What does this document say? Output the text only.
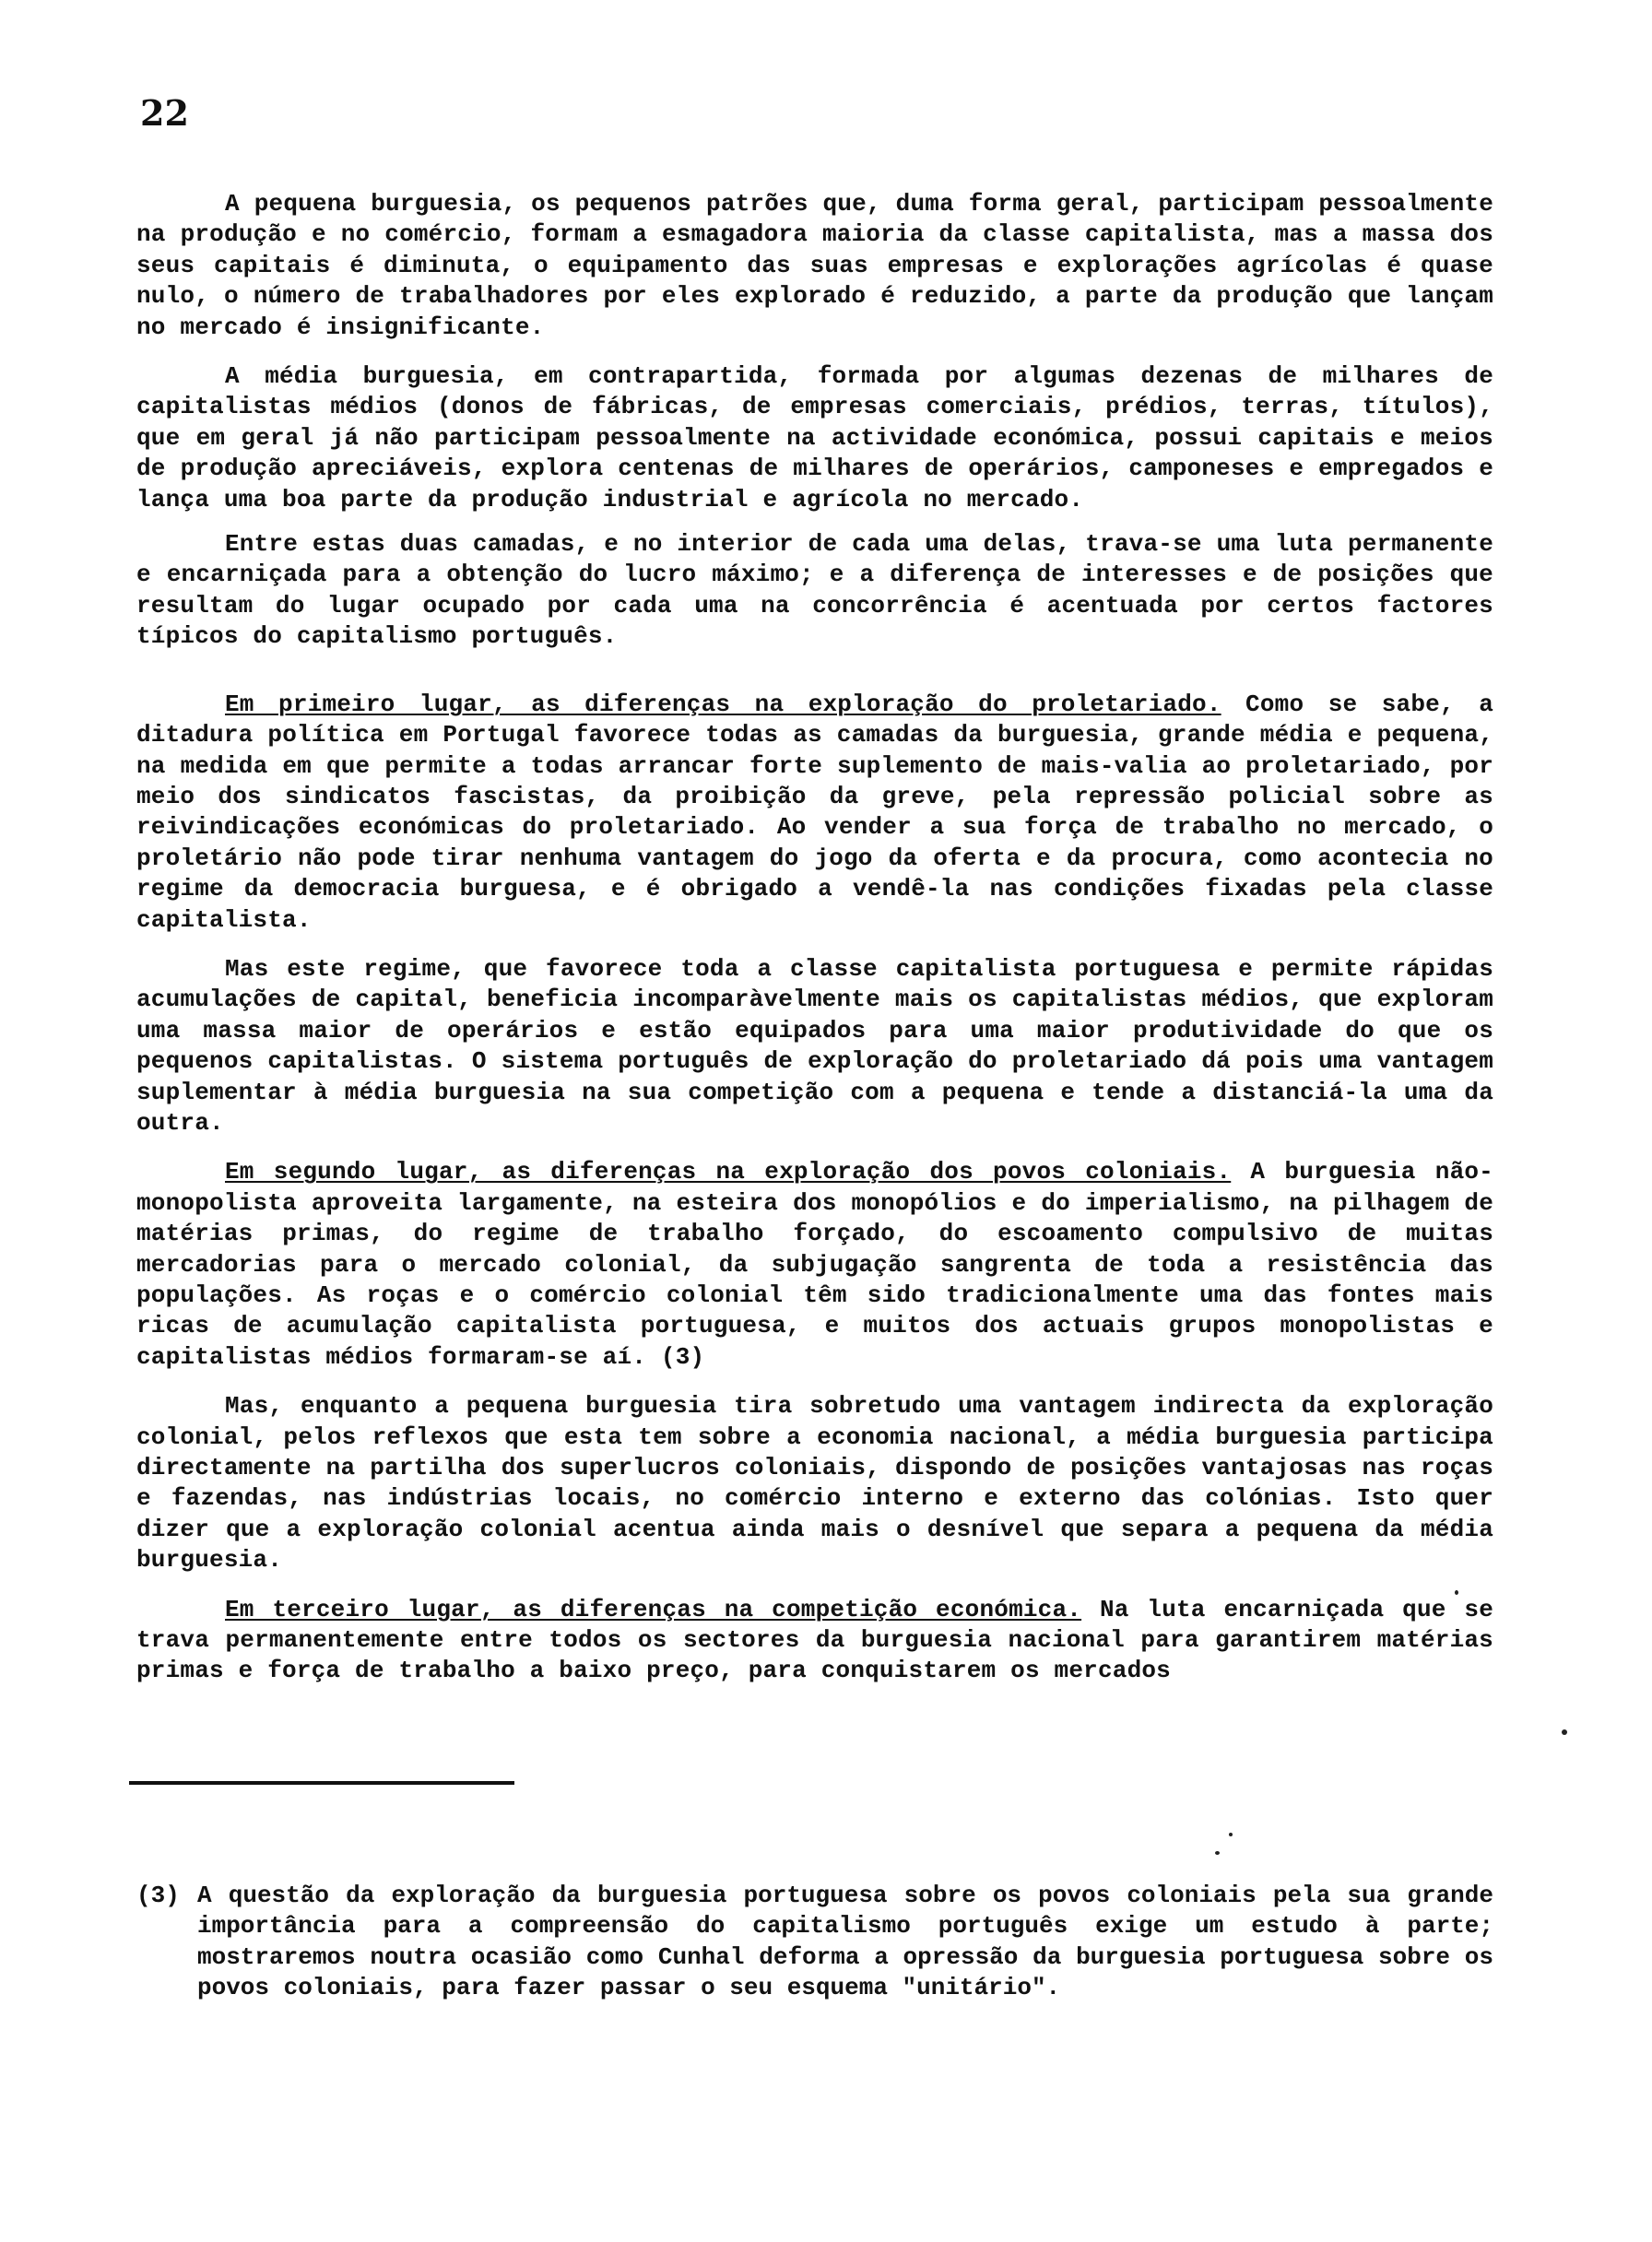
22

A pequena burguesia, os pequenos patrões que, duma forma geral, participam pessoalmente na produção e no comércio, formam a esmagadora maioria da classe capitalista, mas a massa dos seus capitais é diminuta, o equipamento das suas empresas e explorações agrícolas é quase nulo, o número de trabalhadores por eles explorado é reduzido, a parte da produção que lançam no mercado é insignificante.

A média burguesia, em contrapartida, formada por algumas dezenas de milhares de capitalistas médios (donos de fábricas, de empresas comerciais, prédios, terras, títulos), que em geral já não participam pessoalmente na actividade económica, possui capitais e meios de produção apreciáveis, explora centenas de milhares de operários, camponeses e empregados e lança uma boa parte da produção industrial e agrícola no mercado.

Entre estas duas camadas, e no interior de cada uma delas, trava-se uma luta permanente e encarniçada para a obtenção do lucro máximo; e a diferença de interesses e de posições que resultam do lugar ocupado por cada uma na concorrência é acentuada por certos factores típicos do capitalismo português.

Em primeiro lugar, as diferenças na exploração do proletariado. Como se sabe, a ditadura política em Portugal favorece todas as camadas da burguesia, grande média e pequena, na medida em que permite a todas arrancar forte suplemento de mais-valia ao proletariado, por meio dos sindicatos fascistas, da proibição da greve, pela repressão policial sobre as reivindicações económicas do proletariado. Ao vender a sua força de trabalho no mercado, o proletário não pode tirar nenhuma vantagem do jogo da oferta e da procura, como acontecia no regime da democracia burguesa, e é obrigado a vendê-la nas condições fixadas pela classe capitalista.

Mas este regime, que favorece toda a classe capitalista portuguesa e permite rápidas acumulações de capital, beneficia incomparàvelmente mais os capitalistas médios, que exploram uma massa maior de operários e estão equipados para uma maior produtividade do que os pequenos capitalistas. O sistema português de exploração do proletariado dá pois uma vantagem suplementar à média burguesia na sua competição com a pequena e tende a distanciá-la uma da outra.

Em segundo lugar, as diferenças na exploração dos povos coloniais. A burguesia não-monopolista aproveita largamente, na esteira dos monopólios e do imperialismo, na pilhagem de matérias primas, do regime de trabalho forçado, do escoamento compulsivo de muitas mercadorias para o mercado colonial, da subjugação sangrenta de toda a resistência das populações. As roças e o comércio colonial têm sido tradicionalmente uma das fontes mais ricas de acumulação capitalista portuguesa, e muitos dos actuais grupos monopolistas e capitalistas médios formaram-se aí. (3)

Mas, enquanto a pequena burguesia tira sobretudo uma vantagem indirecta da exploração colonial, pelos reflexos que esta tem sobre a economia nacional, a média burguesia participa directamente na partilha dos superlucros coloniais, dispondo de posições vantajosas nas roças e fazendas, nas indústrias locais, no comércio interno e externo das colónias. Isto quer dizer que a exploração colonial acentua ainda mais o desnível que separa a pequena da média burguesia.

Em terceiro lugar, as diferenças na competição económica. Na luta encarniçada que se trava permanentemente entre todos os sectores da burguesia nacional para garantirem matérias primas e força de trabalho a baixo preço, para conquistarem os mercados

(3) A questão da exploração da burguesia portuguesa sobre os povos coloniais pela sua grande importância para a compreensão do capitalismo português exige um estudo à parte; mostraremos noutra ocasião como Cunhal deforma a opressão da burguesia portuguesa sobre os povos coloniais, para fazer passar o seu esquema "unitário".
